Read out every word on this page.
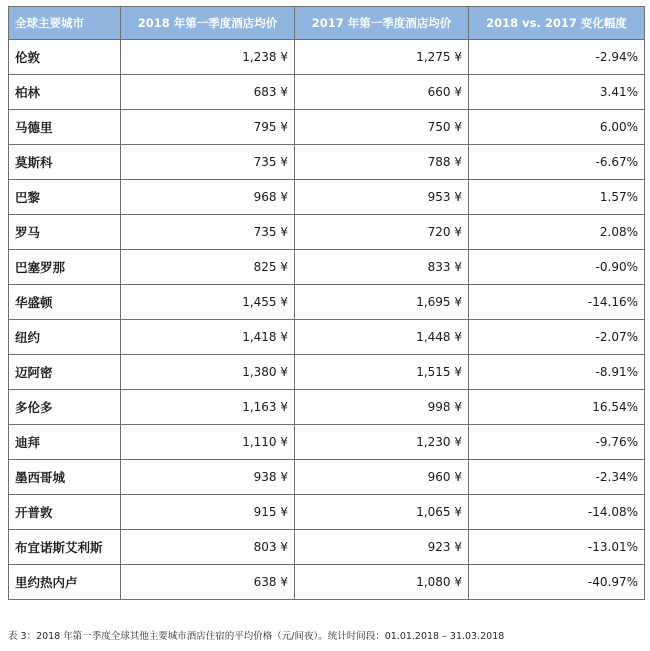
全球主要城市	2018 年第一季度酒店均价	2017 年第一季度酒店均价	2018 vs. 2017 变化幅度
伦敦	1,238 ¥	1,275 ¥	-2.94%
柏林	683 ¥	660 ¥	3.41%
马德里	795 ¥	750 ¥	6.00%
莫斯科	735 ¥	788 ¥	-6.67%
巴黎	968 ¥	953 ¥	1.57%
罗马	735 ¥	720 ¥	2.08%
巴塞罗那	825 ¥	833 ¥	-0.90%
华盛顿	1,455 ¥	1,695 ¥	-14.16%
纽约	1,418 ¥	1,448 ¥	-2.07%
迈阿密	1,380 ¥	1,515 ¥	-8.91%
多伦多	1,163 ¥	998 ¥	16.54%
迪拜	1,110 ¥	1,230 ¥	-9.76%
墨西哥城	938 ¥	960 ¥	-2.34%
开普敦	915 ¥	1,065 ¥	-14.08%
布宜诺斯艾利斯	803 ¥	923 ¥	-13.01%
里约热内卢	638 ¥	1,080 ¥	-40.97%
表 3：2018 年第一季度全球其他主要城市酒店住宿的平均价格（元/间夜）。统计时间段：01.01.2018 – 31.03.2018
